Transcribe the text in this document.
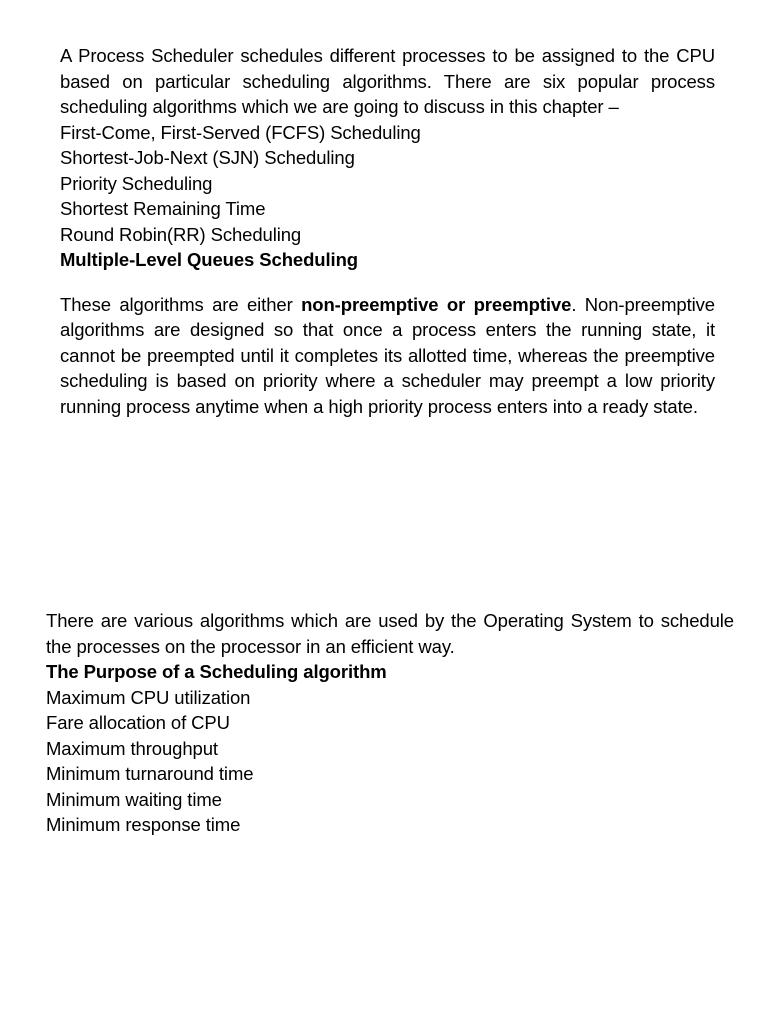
A Process Scheduler schedules different processes to be assigned to the CPU based on particular scheduling algorithms. There are six popular process scheduling algorithms which we are going to discuss in this chapter –

First-Come, First-Served (FCFS) Scheduling
Shortest-Job-Next (SJN) Scheduling
Priority Scheduling
Shortest Remaining Time
Round Robin(RR) Scheduling
Multiple-Level Queues Scheduling

These algorithms are either non-preemptive or preemptive. Non-preemptive algorithms are designed so that once a process enters the running state, it cannot be preempted until it completes its allotted time, whereas the preemptive scheduling is based on priority where a scheduler may preempt a low priority running process anytime when a high priority process enters into a ready state.

There are various algorithms which are used by the Operating System to schedule the processes on the processor in an efficient way.

The Purpose of a Scheduling algorithm
Maximum CPU utilization
Fare allocation of CPU
Maximum throughput
Minimum turnaround time
Minimum waiting time
Minimum response time
